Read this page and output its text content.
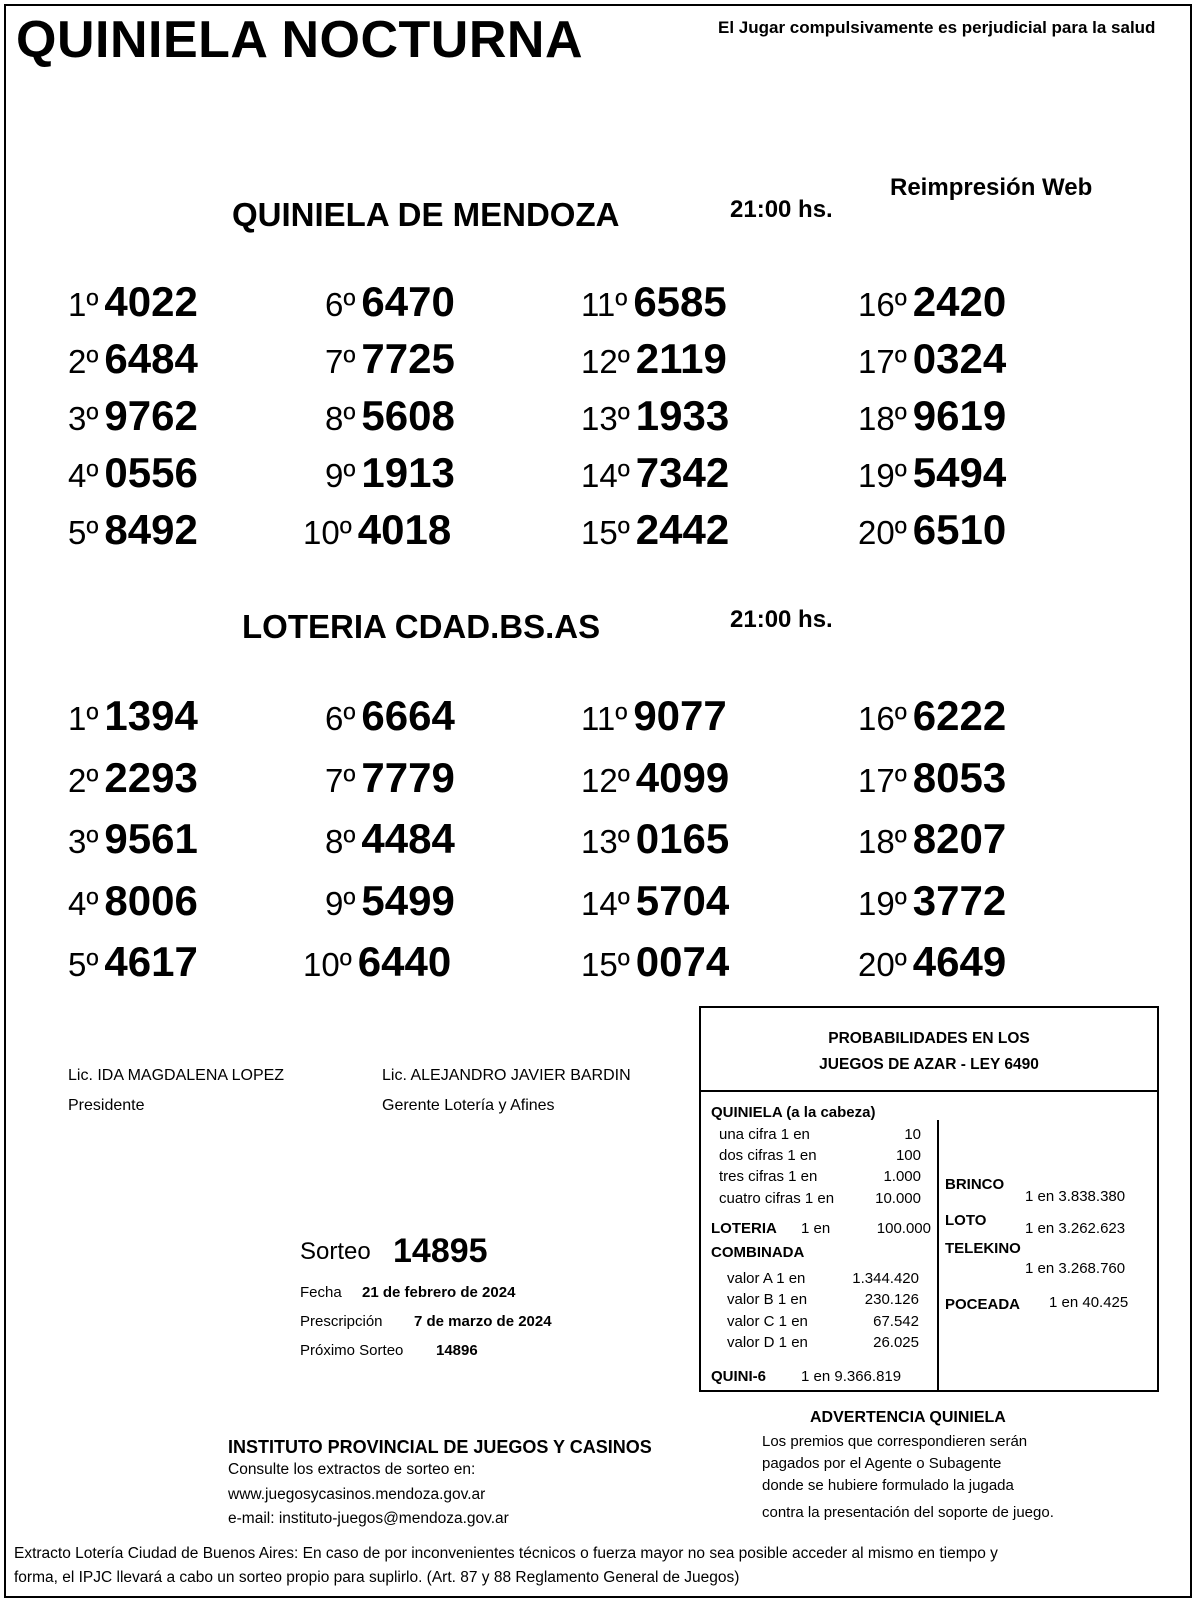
QUINIELA NOCTURNA	El Jugar compulsivamente es perjudicial para la salud
Reimpresión Web
QUINIELA DE MENDOZA	21:00 hs.
1º 4022
2º 6484
3º 9762
4º 0556
5º 8492
6º 6470
7º 7725
8º 5608
9º 1913
10º 4018
11º 6585
12º 2119
13º 1933
14º 7342
15º 2442
16º 2420
17º 0324
18º 9619
19º 5494
20º 6510
LOTERIA CDAD.BS.AS	21:00 hs.
1º 1394
2º 2293
3º 9561
4º 8006
5º 4617
6º 6664
7º 7779
8º 4484
9º 5499
10º 6440
11º 9077
12º 4099
13º 0165
14º 5704
15º 0074
16º 6222
17º 8053
18º 8207
19º 3772
20º 4649
Lic. IDA MAGDALENA LOPEZ
Presidente
Lic. ALEJANDRO JAVIER BARDIN
Gerente Lotería y Afines
Sorteo 14895
Fecha 21 de febrero de 2024
Prescripción 7 de marzo de 2024
Próximo Sorteo 14896
PROBABILIDADES EN LOS
JUEGOS DE AZAR - LEY 6490
QUINIELA (a la cabeza)
una cifra 1 en	10
dos cifras 1 en	100
tres cifras 1 en	1.000
cuatro cifras 1 en	10.000
LOTERIA 1 en	100.000
COMBINADA
valor A 1 en	1.344.420
valor B 1 en	230.126
valor C 1 en	67.542
valor D 1 en	26.025
QUINI-6 1 en 9.366.819
BRINCO
1 en 3.838.380
LOTO	1 en 3.262.623
TELEKINO
1 en 3.268.760
POCEADA 1 en 40.425
ADVERTENCIA QUINIELA
Los premios que correspondieren serán
pagados por el Agente o Subagente
donde se hubiere formulado la jugada
contra la presentación del soporte de juego.
INSTITUTO PROVINCIAL DE JUEGOS Y CASINOS
Consulte los extractos de sorteo en:
www.juegosycasinos.mendoza.gov.ar
e-mail: instituto-juegos@mendoza.gov.ar
Extracto Lotería Ciudad de Buenos Aires: En caso de por inconvenientes técnicos o fuerza mayor no sea posible acceder al mismo en tiempo y
forma, el IPJC llevará a cabo un sorteo propio para suplirlo. (Art. 87 y 88 Reglamento General de Juegos)
